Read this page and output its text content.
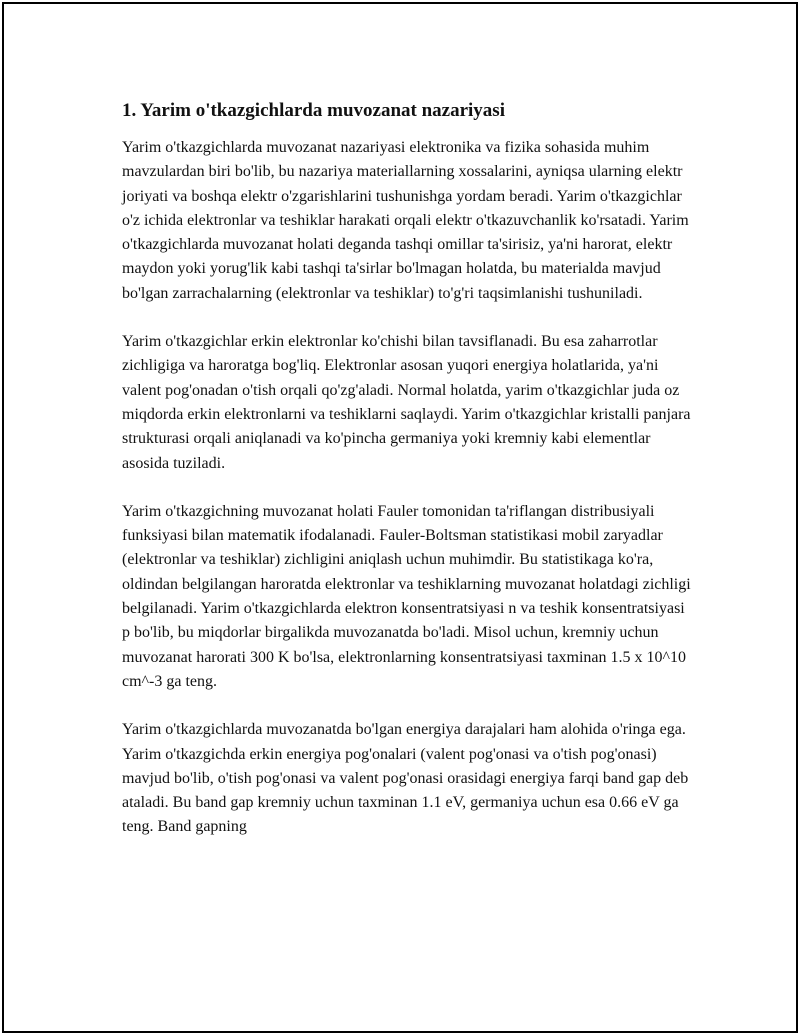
1. Yarim o'tkazgichlarda muvozanat nazariyasi

Yarim o'tkazgichlarda muvozanat nazariyasi elektronika va fizika sohasida muhim mavzulardan biri bo'lib, bu nazariya materiallarning xossalarini, ayniqsa ularning elektr joriyati va boshqa elektr o'zgarishlarini tushunishga yordam beradi. Yarim o'tkazgichlar o'z ichida elektronlar va teshiklar harakati orqali elektr o'tkazuvchanlik ko'rsatadi. Yarim o'tkazgichlarda muvozanat holati deganda tashqi omillar ta'sirisiz, ya'ni harorat, elektr maydon yoki yorug'lik kabi tashqi ta'sirlar bo'lmagan holatda, bu materialda mavjud bo'lgan zarrachalarning (elektronlar va teshiklar) to'g'ri taqsimlanishi tushuniladi.

Yarim o'tkazgichlar erkin elektronlar ko'chishi bilan tavsiflanadi. Bu esa zaharrotlar zichligiga va haroratga bog'liq. Elektronlar asosan yuqori energiya holatlarida, ya'ni valent pog'onadan o'tish orqali qo'zg'aladi. Normal holatda, yarim o'tkazgichlar juda oz miqdorda erkin elektronlarni va teshiklarni saqlaydi. Yarim o'tkazgichlar kristalli panjara strukturasi orqali aniqlanadi va ko'pincha germaniya yoki kremniy kabi elementlar asosida tuziladi.

Yarim o'tkazgichning muvozanat holati Fauler tomonidan ta'riflangan distribusiyali funksiyasi bilan matematik ifodalanadi. Fauler-Boltsman statistikasi mobil zaryadlar (elektronlar va teshiklar) zichligini aniqlash uchun muhimdir. Bu statistikaga ko'ra, oldindan belgilangan haroratda elektronlar va teshiklarning muvozanat holatdagi zichligi belgilanadi. Yarim o'tkazgichlarda elektron konsentratsiyasi n va teshik konsentratsiyasi p bo'lib, bu miqdorlar birgalikda muvozanatda bo'ladi. Misol uchun, kremniy uchun muvozanat harorati 300 K bo'lsa, elektronlarning konsentratsiyasi taxminan 1.5 x 10^10 cm^-3 ga teng.

Yarim o'tkazgichlarda muvozanatda bo'lgan energiya darajalari ham alohida o'ringa ega. Yarim o'tkazgichda erkin energiya pog'onalari (valent pog'onasi va o'tish pog'onasi) mavjud bo'lib, o'tish pog'onasi va valent pog'onasi orasidagi energiya farqi band gap deb ataladi. Bu band gap kremniy uchun taxminan 1.1 eV, germaniya uchun esa 0.66 eV ga teng. Band gapning
